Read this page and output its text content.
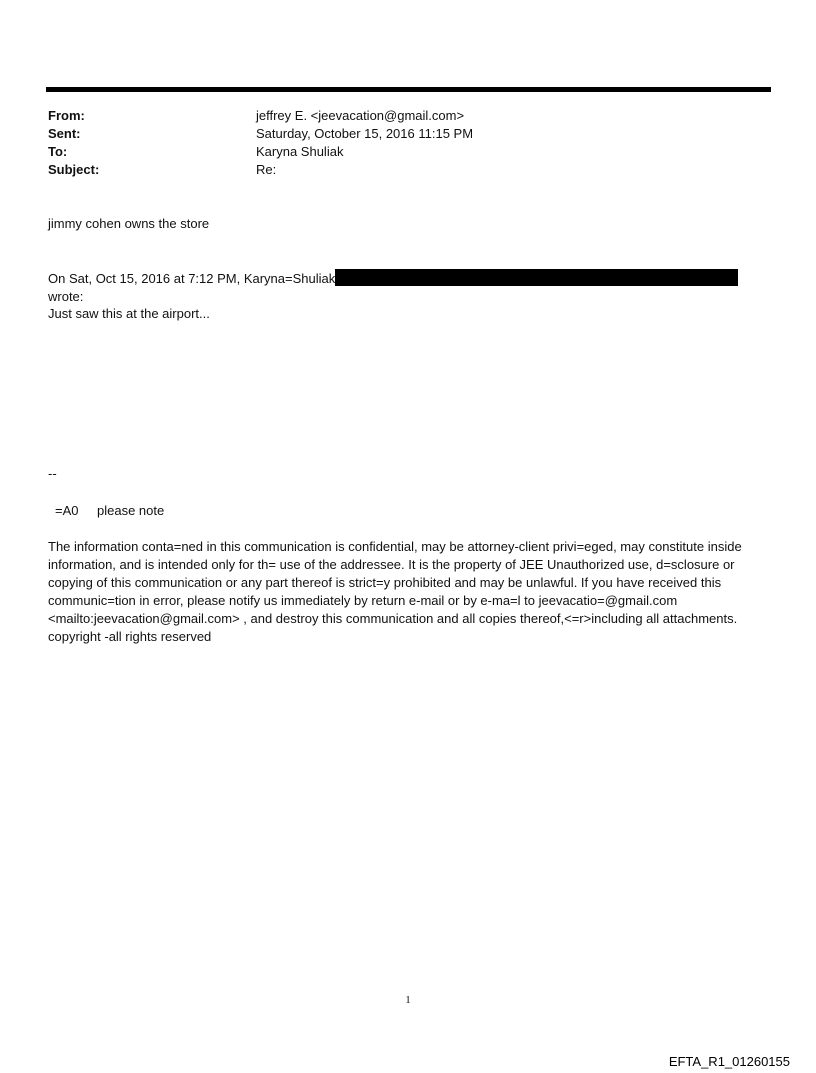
From:	jeffrey E. <jeevacation@gmail.com>
Sent:	Saturday, October 15, 2016 11:15 PM
To:	Karyna Shuliak
Subject:	Re:
jimmy cohen owns the store
On Sat, Oct 15, 2016 at 7:12 PM, Karyna=Shuliak
wrote:
Just saw this at the airport...
--
=A0 please note
The information conta=ned in this communication is confidential, may be attorney-client privi=eged, may constitute inside information, and is intended only for th= use of the addressee. It is the property of JEE Unauthorized use, d=sclosure or copying of this communication or any part thereof is strict=y prohibited and may be unlawful. If you have received this communic=tion in error, please notify us immediately by return e-mail or by e-ma=l to jeevacatio=@gmail.com <mailto:jeevacation@gmail.com> , and destroy this communication and all copies thereof,<=r>including all attachments. copyright -all rights reserved
1
EFTA_R1_01260155
